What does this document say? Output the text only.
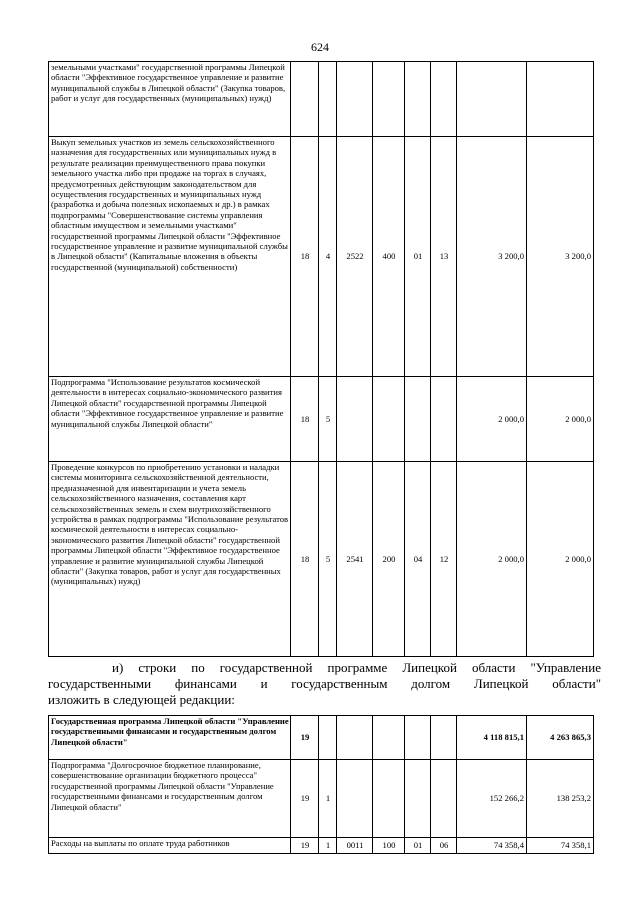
624
земельными участками" государственной программы Липецкой области "Эффективное государственное управление и развитие муниципальной службы в Липецкой области" (Закупка товаров, работ и услуг для государственных (муниципальных) нужд)								
Выкуп земельных участков из земель сельскохозяйственного назначения для государственных или муниципальных нужд в результате реализации преимущественного права покупки земельного участка либо при продаже на торгах в случаях, предусмотренных действующим законодательством для осуществления государственных и муниципальных нужд (разработка и добыча полезных ископаемых и др.) в рамках подпрограммы "Совершенствование системы управления областным имуществом и земельными участками" государственной программы Липецкой области "Эффективное государственное управление и развитие муниципальной службы в Липецкой области" (Капитальные вложения в объекты государственной (муниципальной) собственности)	18	4	2522	400	01	13	3 200,0	3 200,0
Подпрограмма "Использование результатов космической деятельности в интересах социально-экономического развития Липецкой области" государственной программы Липецкой области "Эффективное государственное управление и развитие муниципальной службы Липецкой области"	18	5					2 000,0	2 000,0
Проведение конкурсов по приобретению установки и наладки системы мониторинга сельскохозяйственной деятельности, предназначенной для инвентаризации и учета земель сельскохозяйственного назначения, составления карт сельскохозяйственных земель и схем внутрихозяйственного устройства в рамках подпрограммы "Использование результатов космической деятельности в интересах социально-экономического развития Липецкой области" государственной программы Липецкой области "Эффективное государственное управление и развитие муниципальной службы Липецкой области" (Закупка товаров, работ и услуг для государственных (муниципальных) нужд)	18	5	2541	200	04	12	2 000,0	2 000,0

и) строки по государственной программе Липецкой области "Управление

государственными финансами и государственным долгом Липецкой области"

изложить в следующей редакции:

Государственная программа Липецкой области "Управление государственными финансами и государственным долгом Липецкой области"	19						4 118 815,1	4 263 865,3
Подпрограмма "Долгосрочное бюджетное планирование, совершенствование организации бюджетного процесса" государственной программы Липецкой области "Управление государственными финансами и государственным долгом Липецкой области"	19	1					152 266,2	138 253,2
Расходы на выплаты по оплате труда работников	19	1	0011	100	01	06	74 358,4	74 358,1
